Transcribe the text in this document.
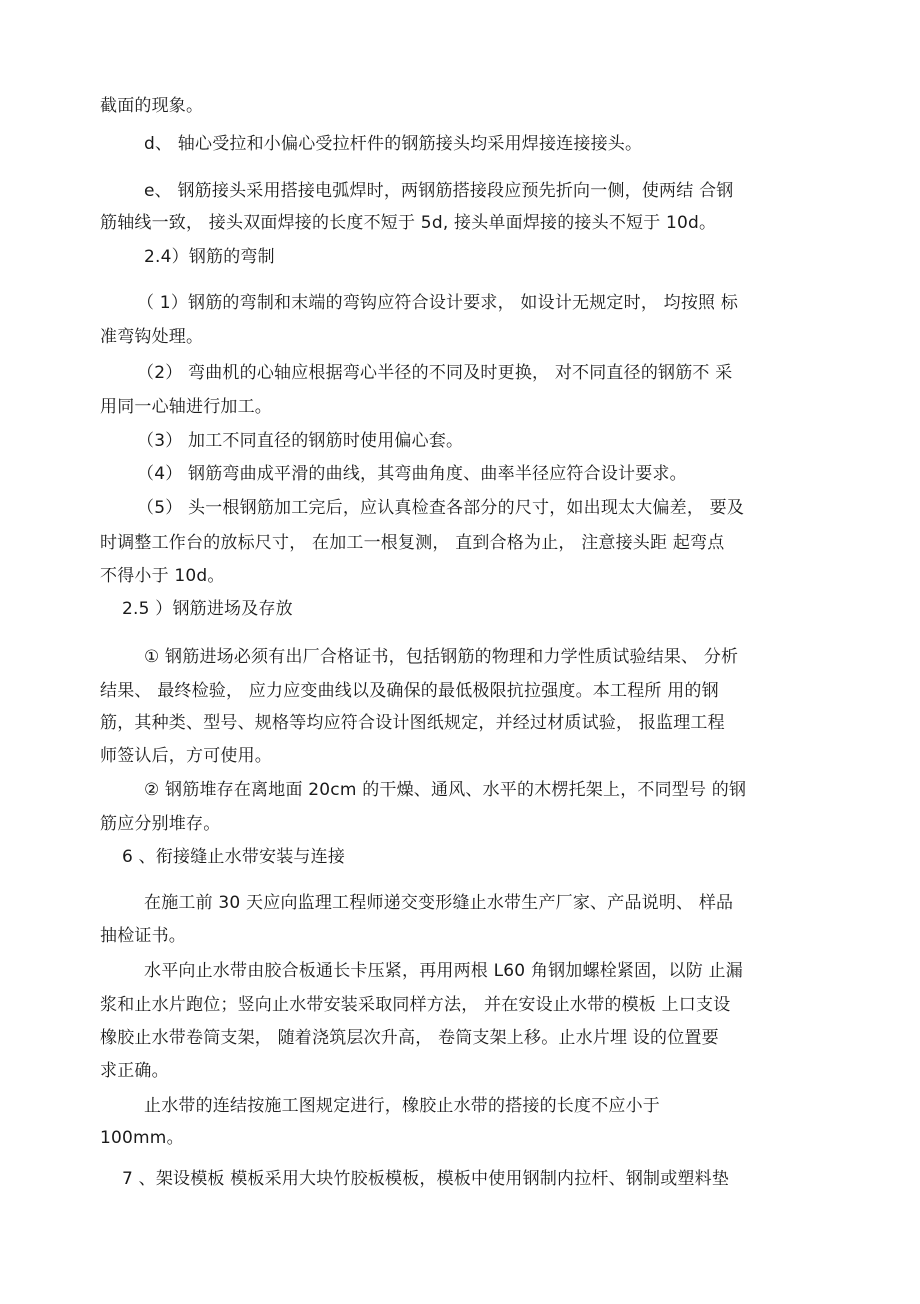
截面的现象。
d、 轴心受拉和小偏心受拉杆件的钢筋接头均采用焊接连接接头。
e、 钢筋接头采用搭接电弧焊时，两钢筋搭接段应预先折向一侧，使两结 合钢
筋轴线一致， 接头双面焊接的长度不短于 5d, 接头单面焊接的接头不短于 10d。
2.4）钢筋的弯制
（ 1）钢筋的弯制和末端的弯钩应符合设计要求， 如设计无规定时， 均按照 标
准弯钩处理。
（2） 弯曲机的心轴应根据弯心半径的不同及时更换， 对不同直径的钢筋不 采
用同一心轴进行加工。
（3） 加工不同直径的钢筋时使用偏心套。
（4） 钢筋弯曲成平滑的曲线，其弯曲角度、曲率半径应符合设计要求。
（5） 头一根钢筋加工完后，应认真检查各部分的尺寸，如出现太大偏差， 要及
时调整工作台的放标尺寸， 在加工一根复测， 直到合格为止， 注意接头距 起弯点
不得小于 10d。
2.5 ）钢筋进场及存放
① 钢筋进场必须有出厂合格证书，包括钢筋的物理和力学性质试验结果、 分析
结果、 最终检验， 应力应变曲线以及确保的最低极限抗拉强度。本工程所 用的钢
筋，其种类、型号、规格等均应符合设计图纸规定，并经过材质试验， 报监理工程
师签认后，方可使用。
② 钢筋堆存在离地面 20cm 的干燥、通风、水平的木楞托架上，不同型号 的钢
筋应分别堆存。
6 、衔接缝止水带安装与连接
在施工前 30 天应向监理工程师递交变形缝止水带生产厂家、产品说明、 样品
抽检证书。
水平向止水带由胶合板通长卡压紧，再用两根 L60 角钢加螺栓紧固，以防 止漏
浆和止水片跑位；竖向止水带安装采取同样方法， 并在安设止水带的模板 上口支设
橡胶止水带卷筒支架， 随着浇筑层次升高， 卷筒支架上移。止水片埋 设的位置要
求正确。
止水带的连结按施工图规定进行，橡胶止水带的搭接的长度不应小于
100mm。
7 、架设模板 模板采用大块竹胶板模板，模板中使用钢制内拉杆、钢制或塑料垫
